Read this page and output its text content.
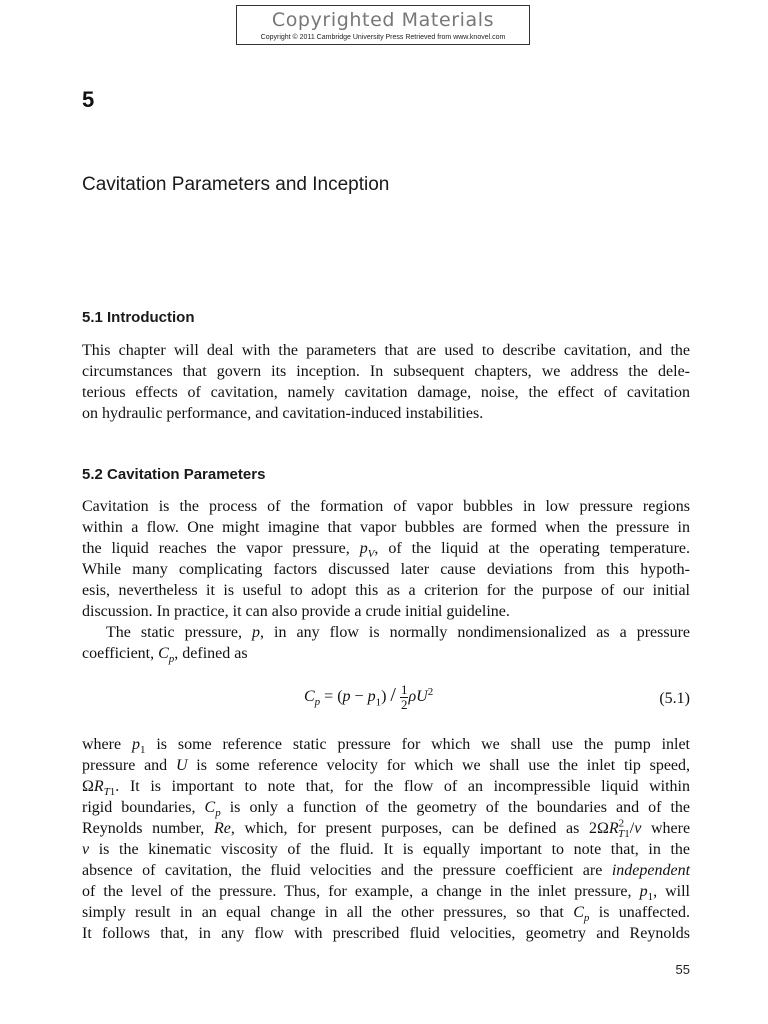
Copyrighted Materials
Copyright © 2011 Cambridge University Press Retrieved from www.knovel.com
5
Cavitation Parameters and Inception
5.1 Introduction
This chapter will deal with the parameters that are used to describe cavitation, and the
circumstances that govern its inception. In subsequent chapters, we address the dele-
terious effects of cavitation, namely cavitation damage, noise, the effect of cavitation
on hydraulic performance, and cavitation-induced instabilities.
5.2 Cavitation Parameters
Cavitation is the process of the formation of vapor bubbles in low pressure regions
within a flow. One might imagine that vapor bubbles are formed when the pressure in
the liquid reaches the vapor pressure, $p_V$, of the liquid at the operating temperature.
While many complicating factors discussed later cause deviations from this hypoth-
esis, nevertheless it is useful to adopt this as a criterion for the purpose of our initial
discussion. In practice, it can also provide a crude initial guideline.
The static pressure, p, in any flow is normally nondimensionalized as a pressure
coefficient, $C_p$, defined as
$C_p = (p - p_1) / \frac{1}{2} \rho U^2$	(5.1)
where $p_1$ is some reference static pressure for which we shall use the pump inlet
pressure and U is some reference velocity for which we shall use the inlet tip speed,
$\Omega R_{T1}$. It is important to note that, for the flow of an incompressible liquid within
rigid boundaries, $C_p$ is only a function of the geometry of the boundaries and of the
Reynolds number, Re, which, for present purposes, can be defined as $2\Omega R^2_{T1}/\nu$ where
ν is the kinematic viscosity of the fluid. It is equally important to note that, in the
absence of cavitation, the fluid velocities and the pressure coefficient are independent
of the level of the pressure. Thus, for example, a change in the inlet pressure, $p_1$, will
simply result in an equal change in all the other pressures, so that $C_p$ is unaffected.
It follows that, in any flow with prescribed fluid velocities, geometry and Reynolds
55
